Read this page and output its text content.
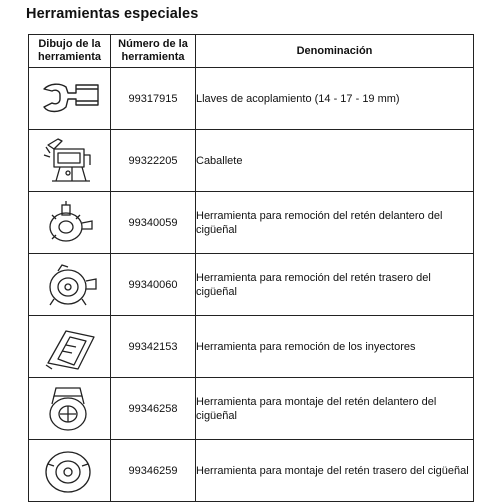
Herramientas especiales
Dibujo de la herramienta	Número de la herramienta	Denominación

	99317915	Llaves de acoplamiento (14 - 17 - 19 mm)

	99322205	Caballete

	99340059	Herramienta para remoción del retén delantero del cigüeñal

	99340060	Herramienta para remoción del retén trasero del cigüeñal

	99342153	Herramienta para remoción de los inyectores

	99346258	Herramienta para montaje del retén delantero del cigüeñal

	99346259	Herramienta para montaje del retén trasero del cigüeñal
